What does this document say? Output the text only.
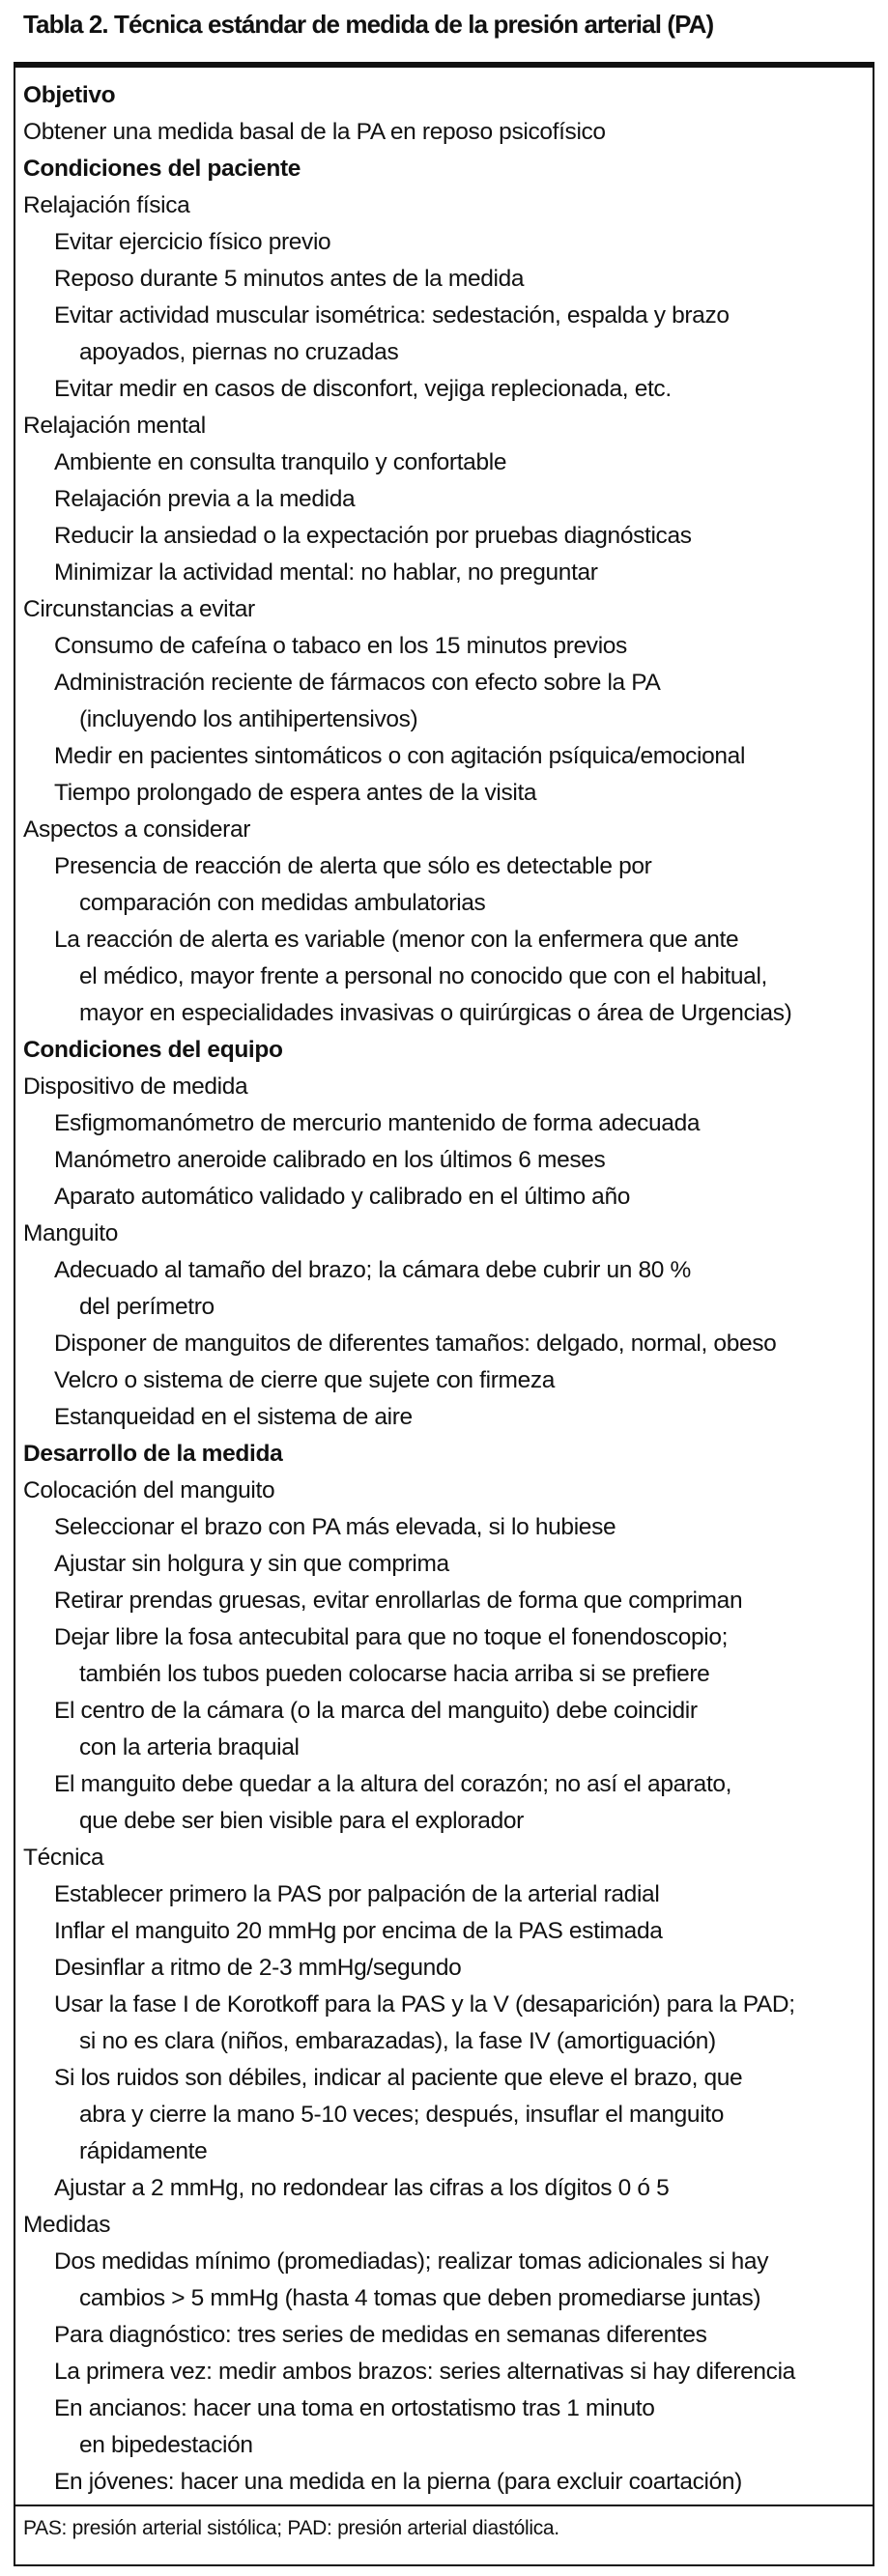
Tabla 2. Técnica estándar de medida de la presión arterial (PA)
Objetivo
Obtener una medida basal de la PA en reposo psicofísico
Condiciones del paciente
Relajación física
Evitar ejercicio físico previo
Reposo durante 5 minutos antes de la medida
Evitar actividad muscular isométrica: sedestación, espalda y brazo
apoyados, piernas no cruzadas
Evitar medir en casos de disconfort, vejiga replecionada, etc.
Relajación mental
Ambiente en consulta tranquilo y confortable
Relajación previa a la medida
Reducir la ansiedad o la expectación por pruebas diagnósticas
Minimizar la actividad mental: no hablar, no preguntar
Circunstancias a evitar
Consumo de cafeína o tabaco en los 15 minutos previos
Administración reciente de fármacos con efecto sobre la PA
(incluyendo los antihipertensivos)
Medir en pacientes sintomáticos o con agitación psíquica/emocional
Tiempo prolongado de espera antes de la visita
Aspectos a considerar
Presencia de reacción de alerta que sólo es detectable por
comparación con medidas ambulatorias
La reacción de alerta es variable (menor con la enfermera que ante
el médico, mayor frente a personal no conocido que con el habitual,
mayor en especialidades invasivas o quirúrgicas o área de Urgencias)
Condiciones del equipo
Dispositivo de medida
Esfigmomanómetro de mercurio mantenido de forma adecuada
Manómetro aneroide calibrado en los últimos 6 meses
Aparato automático validado y calibrado en el último año
Manguito
Adecuado al tamaño del brazo; la cámara debe cubrir un 80 %
del perímetro
Disponer de manguitos de diferentes tamaños: delgado, normal, obeso
Velcro o sistema de cierre que sujete con firmeza
Estanqueidad en el sistema de aire
Desarrollo de la medida
Colocación del manguito
Seleccionar el brazo con PA más elevada, si lo hubiese
Ajustar sin holgura y sin que comprima
Retirar prendas gruesas, evitar enrollarlas de forma que compriman
Dejar libre la fosa antecubital para que no toque el fonendoscopio;
también los tubos pueden colocarse hacia arriba si se prefiere
El centro de la cámara (o la marca del manguito) debe coincidir
con la arteria braquial
El manguito debe quedar a la altura del corazón; no así el aparato,
que debe ser bien visible para el explorador
Técnica
Establecer primero la PAS por palpación de la arterial radial
Inflar el manguito 20 mmHg por encima de la PAS estimada
Desinflar a ritmo de 2-3 mmHg/segundo
Usar la fase I de Korotkoff para la PAS y la V (desaparición) para la PAD;
si no es clara (niños, embarazadas), la fase IV (amortiguación)
Si los ruidos son débiles, indicar al paciente que eleve el brazo, que
abra y cierre la mano 5-10 veces; después, insuflar el manguito
rápidamente
Ajustar a 2 mmHg, no redondear las cifras a los dígitos 0 ó 5
Medidas
Dos medidas mínimo (promediadas); realizar tomas adicionales si hay
cambios > 5 mmHg (hasta 4 tomas que deben promediarse juntas)
Para diagnóstico: tres series de medidas en semanas diferentes
La primera vez: medir ambos brazos: series alternativas si hay diferencia
En ancianos: hacer una toma en ortostatismo tras 1 minuto
en bipedestación
En jóvenes: hacer una medida en la pierna (para excluir coartación)
PAS: presión arterial sistólica; PAD: presión arterial diastólica.
